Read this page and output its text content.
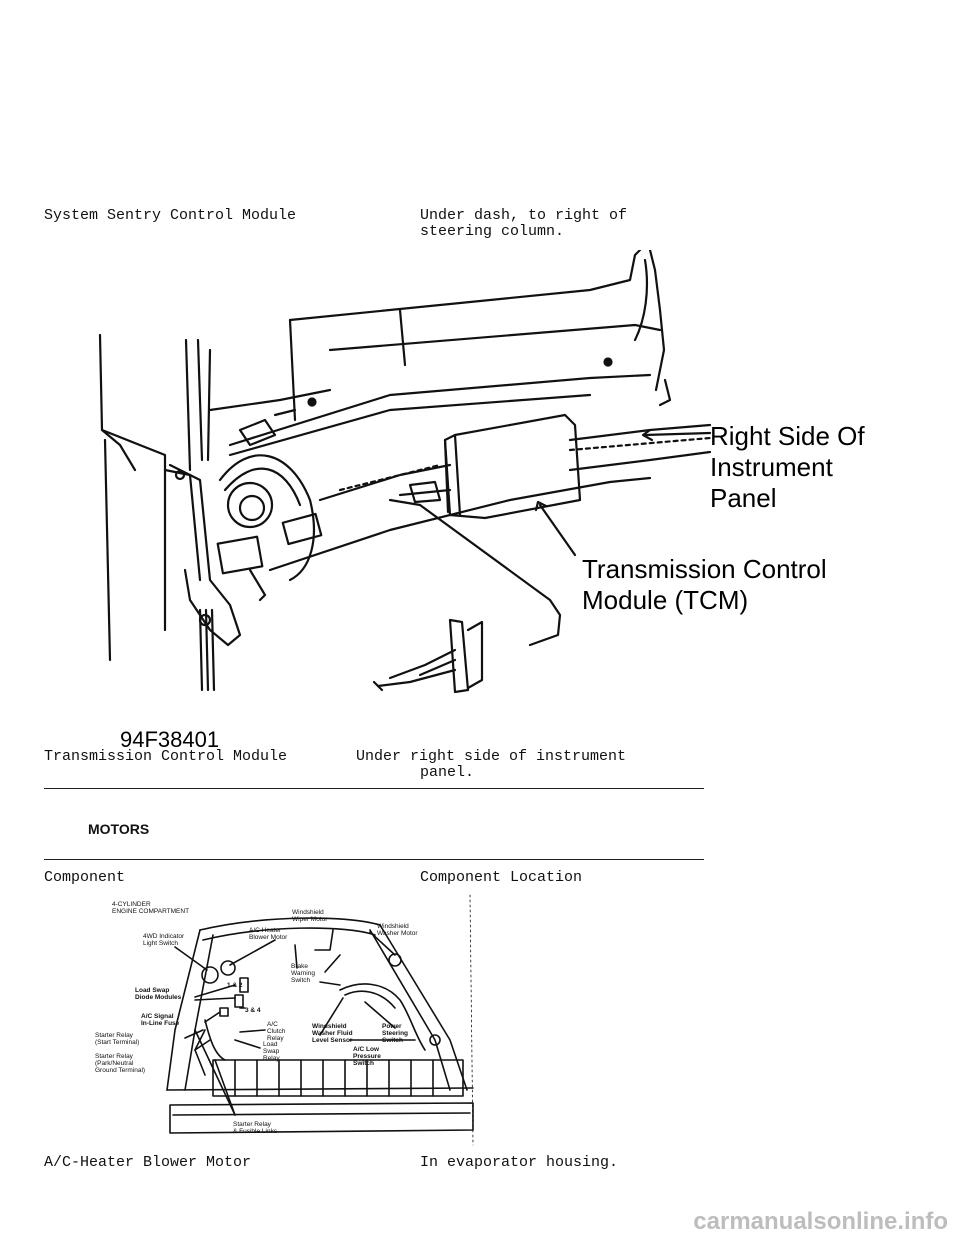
System Sentry Control Module	Under dash, to right of
steering column.
Right Side Of
Instrument
Panel
Transmission Control
Module (TCM)
94F38401
Transmission Control Module	Under right side of instrument
panel.
MOTORS
Component	Component Location
4-CYLINDER
ENGINE COMPARTMENT	Windshield
Wiper Motor
Windshield
Washer Motor
4WD Indicator
Light Switch
A/C Heater
Blower Motor
Brake
Warning
Switch
Load Swap
Diode Modules
1 & 2
3 & 4
A/C Signal
In-Line Fuse	A/C
Clutch
Relay
Windshield
Washer Fluid
Level Sensor
Power
Steering
Switch
Starter Relay
(Start Terminal)	Load
Swap
Relay
A/C Low
Pressure
Switch
Starter Relay
(Park/Neutral
Ground Terminal)
Starter Relay
& Fusible Links
A/C-Heater Blower Motor	In evaporator housing.
carmanualsonline.info
